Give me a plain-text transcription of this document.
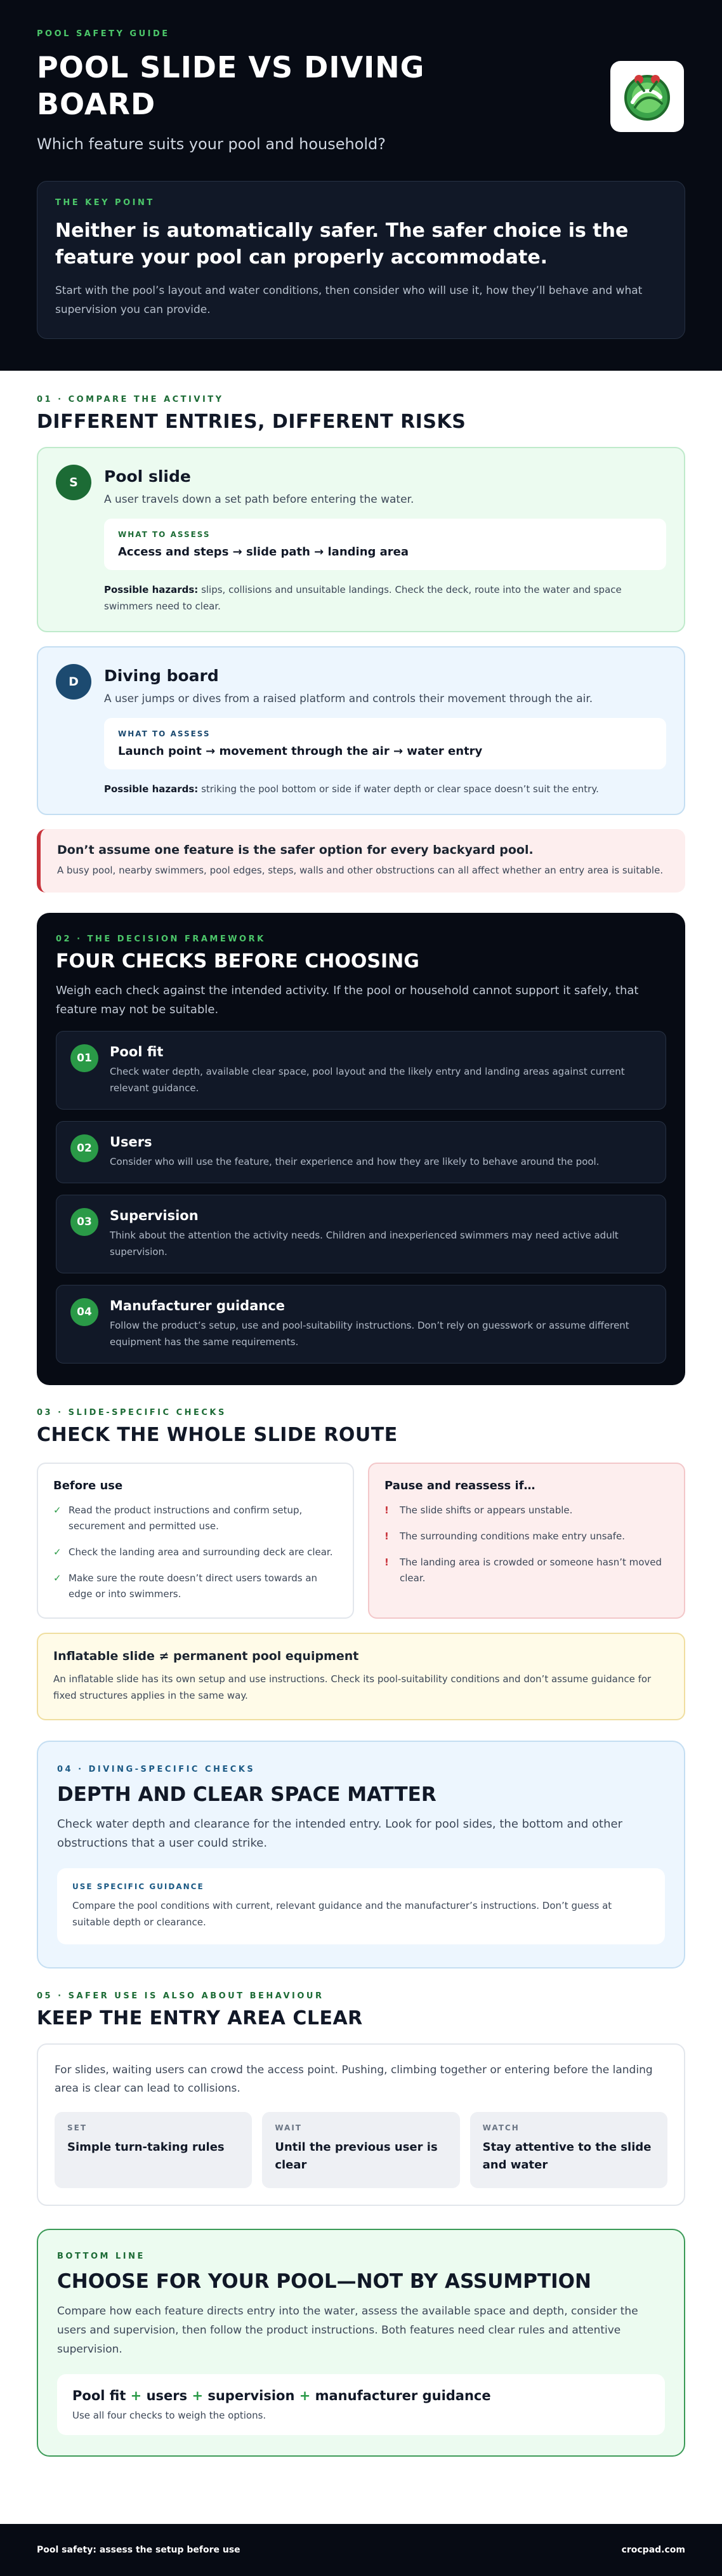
POOL SAFETY GUIDE
POOL SLIDE VS DIVING BOARD
Which feature suits your pool and household?
THE KEY POINT
Neither is automatically safer. The safer choice is the feature your pool can properly accommodate.

Start with the pool’s layout and water conditions, then consider who will use it, how they’ll behave and what supervision you can provide.

01 · COMPARE THE ACTIVITY
DIFFERENT ENTRIES, DIFFERENT RISKS
S	Pool slide
A user travels down a set path before entering the water.
WHAT TO ASSESS
Access and steps → slide path → landing area
Possible hazards: slips, collisions and unsuitable landings. Check the deck, route into the water and space swimmers need to clear.
D	Diving board
A user jumps or dives from a raised platform and controls their movement through the air.
WHAT TO ASSESS
Launch point → movement through the air → water entry
Possible hazards: striking the pool bottom or side if water depth or clear space doesn’t suit the entry.
Don’t assume one feature is the safer option for every backyard pool.

A busy pool, nearby swimmers, pool edges, steps, walls and other obstructions can all affect whether an entry area is suitable.

02 · THE DECISION FRAMEWORK
FOUR CHECKS BEFORE CHOOSING

Weigh each check against the intended activity. If the pool or household cannot support it safely, that feature may not be suitable.

01	Pool fit

Check water depth, available clear space, pool layout and the likely entry and landing areas against current relevant guidance.

02	Users

Consider who will use the feature, their experience and how they are likely to behave around the pool.

03	Supervision

Think about the attention the activity needs. Children and inexperienced swimmers may need active adult supervision.

04	Manufacturer guidance

Follow the product’s setup, use and pool-suitability instructions. Don’t rely on guesswork or assume different equipment has the same requirements.

03 · SLIDE-SPECIFIC CHECKS
CHECK THE WHOLE SLIDE ROUTE
Before use
✓ Read the product instructions and confirm setup, securement and permitted use.
✓ Check the landing area and surrounding deck are clear.
✓ Make sure the route doesn’t direct users towards an edge or into swimmers.
Pause and reassess if…
! The slide shifts or appears unstable.
! The surrounding conditions make entry unsafe.
! The landing area is crowded or someone hasn’t moved clear.
Inflatable slide ≠ permanent pool equipment

An inflatable slide has its own setup and use instructions. Check its pool-suitability conditions and don’t assume guidance for fixed structures applies in the same way.

04 · DIVING-SPECIFIC CHECKS
DEPTH AND CLEAR SPACE MATTER

Check water depth and clearance for the intended entry. Look for pool sides, the bottom and other obstructions that a user could strike.

USE SPECIFIC GUIDANCE

Compare the pool conditions with current, relevant guidance and the manufacturer’s instructions. Don’t guess at suitable depth or clearance.

05 · SAFER USE IS ALSO ABOUT BEHAVIOUR
KEEP THE ENTRY AREA CLEAR

For slides, waiting users can crowd the access point. Pushing, climbing together or entering before the landing area is clear can lead to collisions.

SET
Simple turn-taking rules
WAIT
Until the previous user is clear
WATCH
Stay attentive to the slide and water
BOTTOM LINE
CHOOSE FOR YOUR POOL—NOT BY ASSUMPTION

Compare how each feature directs entry into the water, assess the available space and depth, consider the users and supervision, then follow the product instructions. Both features need clear rules and attentive supervision.

Pool fit + users + supervision + manufacturer guidance

Use all four checks to weigh the options.

Pool safety: assess the setup before use	crocpad.com
